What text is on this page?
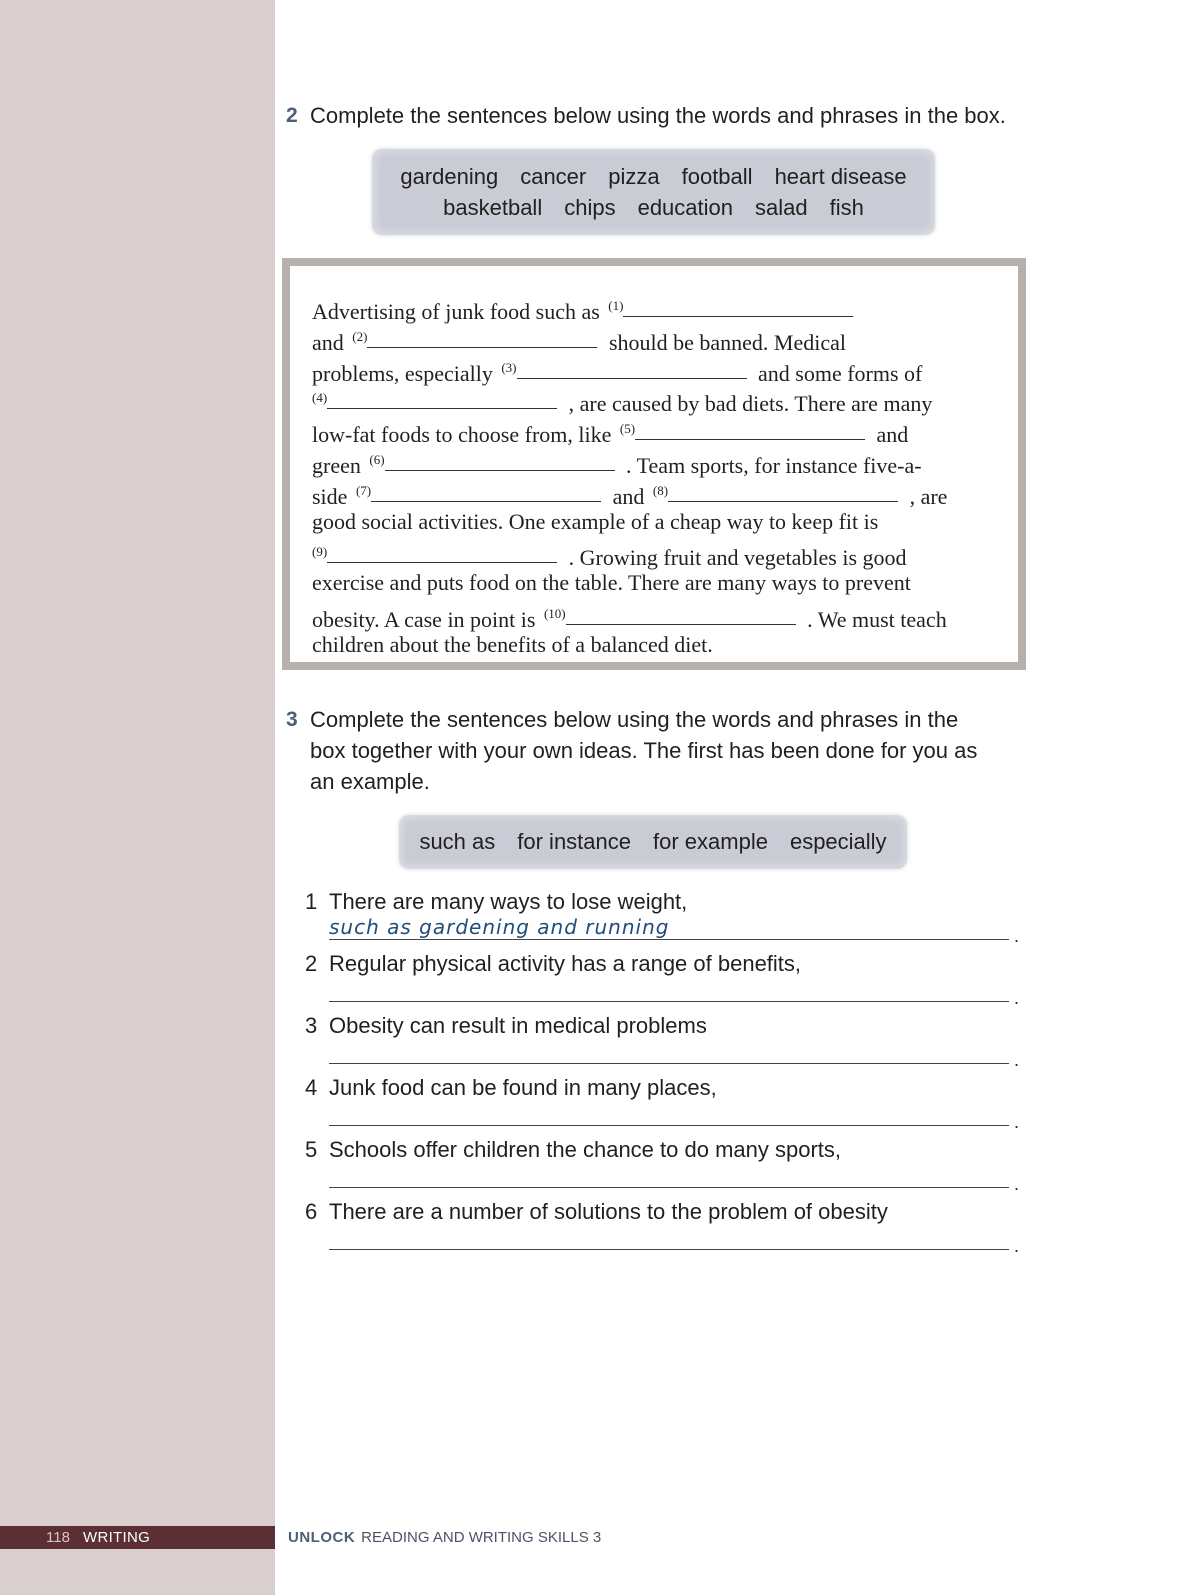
2 Complete the sentences below using the words and phrases in the box.
gardening cancer pizza football heart disease
basketball chips education salad fish
Advertising of junk food such as $^{(1)}$
and $^{(2)}$	should be banned. Medical
problems, especially $^{(3)}$	and some forms of
$^{(4)}$	, are caused by bad diets. There are many
low-fat foods to choose from, like $^{(5)}$	and
green $^{(6)}$	. Team sports, for instance five-a-
side $^{(7)}$	and $^{(8)}$	, are
good social activities. One example of a cheap way to keep fit is
$^{(9)}$	. Growing fruit and vegetables is good
exercise and puts food on the table. There are many ways to prevent
obesity. A case in point is $^{(10)}$	. We must teach
children about the benefits of a balanced diet.
3 Complete the sentences below using the words and phrases in the
box together with your own ideas. The first has been done for you as
an example.
such as for instance for example especially
1 There are many ways to lose weight,
such as gardening and running	.
2 Regular physical activity has a range of benefits,
.
3 Obesity can result in medical problems
.
4 Junk food can be found in many places,
.
5 Schools offer children the chance to do many sports,
.
6 There are a number of solutions to the problem of obesity
.
118 WRITING	UNLOCK READING AND WRITING SKILLS 3
